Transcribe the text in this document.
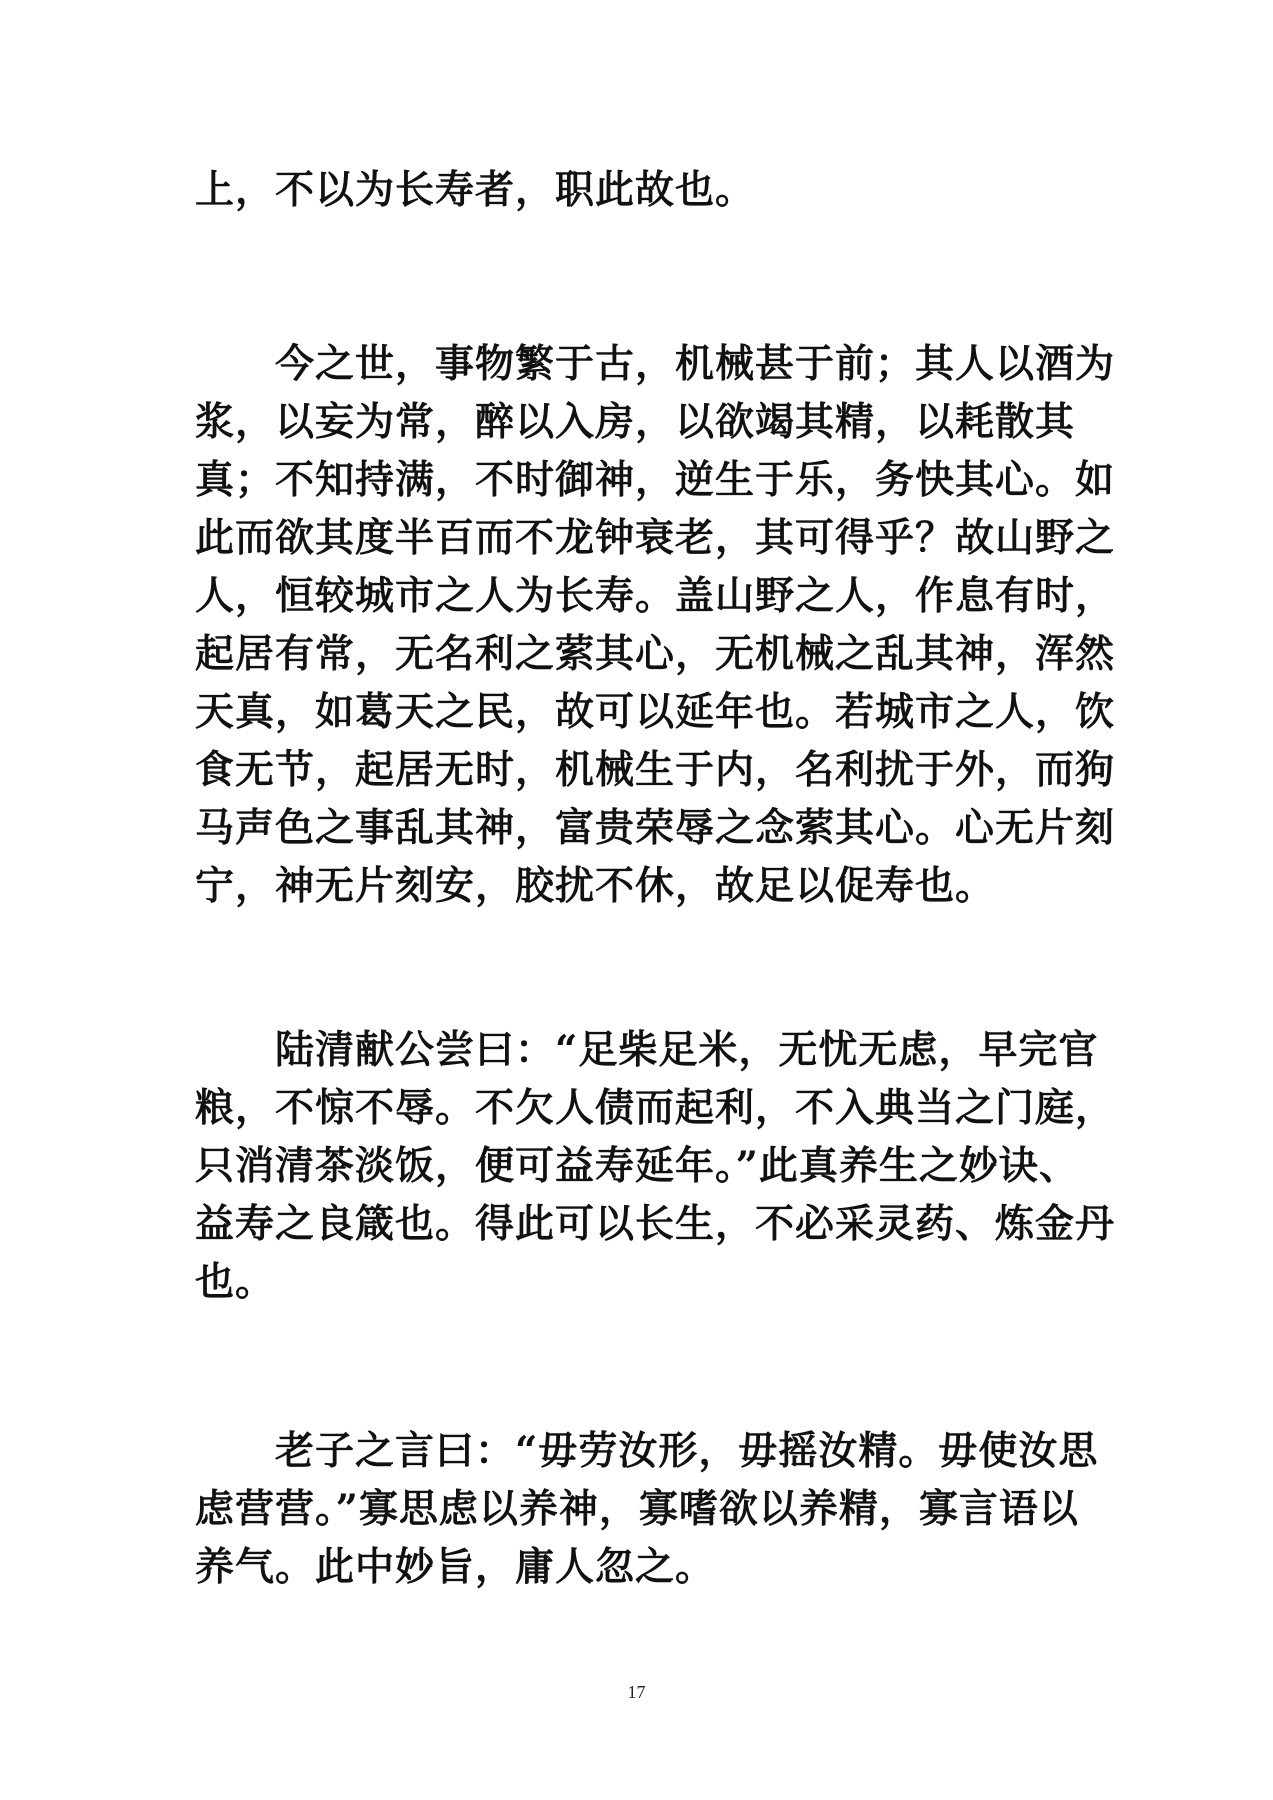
上，不以为长寿者，职此故也。
　　今之世，事物繁于古，机械甚于前；其人以酒为
浆，以妄为常，醉以入房，以欲竭其精，以耗散其
真；不知持满，不时御神，逆生于乐，务快其心。如
此而欲其度半百而不龙钟衰老，其可得乎？故山野之
人，恒较城市之人为长寿。盖山野之人，作息有时，
起居有常，无名利之萦其心，无机械之乱其神，浑然
天真，如葛天之民，故可以延年也。若城市之人，饮
食无节，起居无时，机械生于内，名利扰于外，而狗
马声色之事乱其神，富贵荣辱之念萦其心。心无片刻
宁，神无片刻安，胶扰不休，故足以促寿也。
　　陆清献公尝曰：“足柴足米，无忧无虑，早完官
粮，不惊不辱。不欠人债而起利，不入典当之门庭，
只消清茶淡饭，便可益寿延年。”此真养生之妙诀、
益寿之良箴也。得此可以长生，不必采灵药、炼金丹
也。
　　老子之言曰：“毋劳汝形，毋摇汝精。毋使汝思
虑营营。”寡思虑以养神，寡嗜欲以养精，寡言语以
养气。此中妙旨，庸人忽之。
17
